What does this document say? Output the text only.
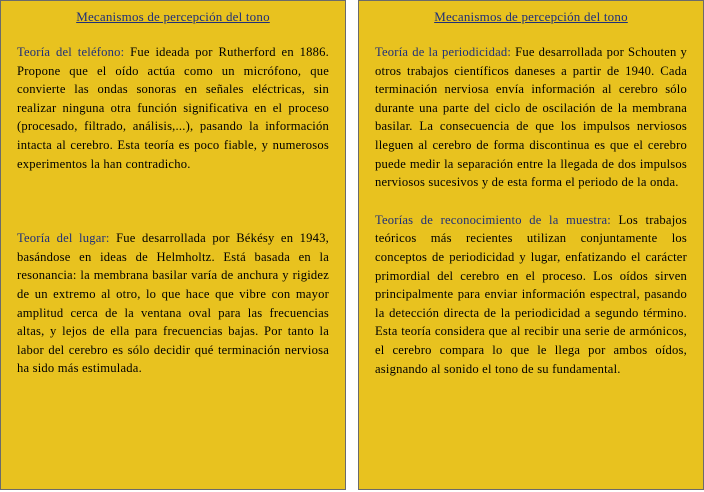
Mecanismos de percepción del tono

Teoría del teléfono: Fue ideada por Rutherford en 1886. Propone que el oído actúa como un micrófono, que convierte las ondas sonoras en señales eléctricas, sin realizar ninguna otra función significativa en el proceso (procesado, filtrado, análisis,...), pasando la información intacta al cerebro. Esta teoría es poco fiable, y numerosos experimentos la han contradicho.

Teoría del lugar: Fue desarrollada por Békésy en 1943, basándose en ideas de Helmholtz. Está basada en la resonancia: la membrana basilar varía de anchura y rigidez de un extremo al otro, lo que hace que vibre con mayor amplitud cerca de la ventana oval para las frecuencias altas, y lejos de ella para frecuencias bajas. Por tanto la labor del cerebro es sólo decidir qué terminación nerviosa ha sido más estimulada.

Mecanismos de percepción del tono

Teoría de la periodicidad: Fue desarrollada por Schouten y otros trabajos científicos daneses a partir de 1940. Cada terminación nerviosa envía información al cerebro sólo durante una parte del ciclo de oscilación de la membrana basilar. La consecuencia de que los impulsos nerviosos lleguen al cerebro de forma discontinua es que el cerebro puede medir la separación entre la llegada de dos impulsos nerviosos sucesivos y de esta forma el periodo de la onda.

Teorías de reconocimiento de la muestra: Los trabajos teóricos más recientes utilizan conjuntamente los conceptos de periodicidad y lugar, enfatizando el carácter primordial del cerebro en el proceso. Los oídos sirven principalmente para enviar información espectral, pasando la detección directa de la periodicidad a segundo término. Esta teoría considera que al recibir una serie de armónicos, el cerebro compara lo que le llega por ambos oídos, asignando al sonido el tono de su fundamental.
